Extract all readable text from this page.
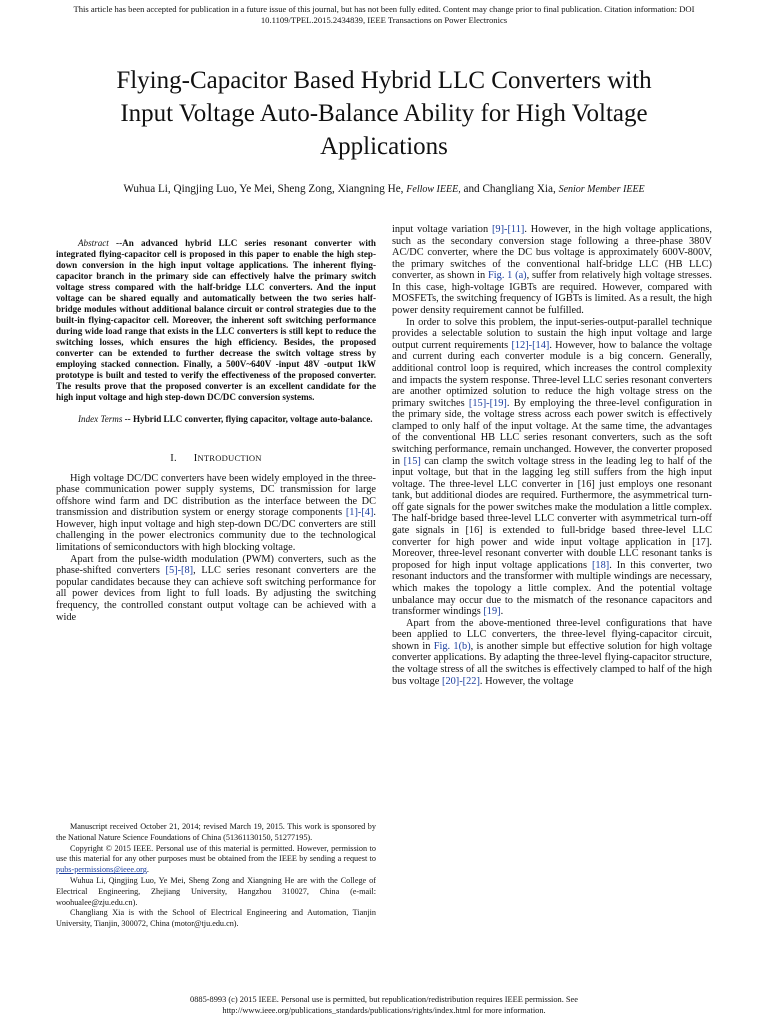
This article has been accepted for publication in a future issue of this journal, but has not been fully edited. Content may change prior to final publication. Citation information: DOI
10.1109/TPEL.2015.2434839, IEEE Transactions on Power Electronics
Flying-Capacitor Based Hybrid LLC Converters with
Input Voltage Auto-Balance Ability for High Voltage
Applications
Wuhua Li, Qingjing Luo, Ye Mei, Sheng Zong, Xiangning He, Fellow IEEE, and Changliang Xia, Senior Member IEEE

Abstract --An advanced hybrid LLC series resonant converter with integrated flying-capacitor cell is proposed in this paper to enable the high step-down conversion in the high input voltage applications. The inherent flying-capacitor branch in the primary side can effectively halve the primary switch voltage stress compared with the half-bridge LLC converters. And the input voltage can be shared equally and automatically between the two series half-bridge modules without additional balance circuit or control strategies due to the built-in flying-capacitor cell. Moreover, the inherent soft switching performance during wide load range that exists in the LLC converters is still kept to reduce the switching losses, which ensures the high efficiency. Besides, the proposed converter can be extended to further decrease the switch voltage stress by employing stacked connection. Finally, a 500V~640V -input 48V -output 1kW prototype is built and tested to verify the effectiveness of the proposed converter. The results prove that the proposed converter is an excellent candidate for the high input voltage and high step-down DC/DC conversion systems.

Index Terms -- Hybrid LLC converter, flying capacitor, voltage auto-balance.

I. INTRODUCTION

High voltage DC/DC converters have been widely employed in the three-phase communication power supply systems, DC transmission for large offshore wind farm and DC distribution as the interface between the DC transmission and distribution system or energy storage components [1]-[4]. However, high input voltage and high step-down DC/DC converters are still challenging in the power electronics community due to the technological limitations of semiconductors with high blocking voltage.

Apart from the pulse-width modulation (PWM) converters, such as the phase-shifted converters [5]-[8], LLC series resonant converters are the popular candidates because they can achieve soft switching performance for all power devices from light to full loads. By adjusting the switching frequency, the controlled constant output voltage can be achieved with a wide

Manuscript received October 21, 2014; revised March 19, 2015. This work is sponsored by the National Nature Science Foundations of China (51361130150, 51277195).

Copyright © 2015 IEEE. Personal use of this material is permitted. However, permission to use this material for any other purposes must be obtained from the IEEE by sending a request to pubs-permissions@ieee.org.

Wuhua Li, Qingjing Luo, Ye Mei, Sheng Zong and Xiangning He are with the College of Electrical Engineering, Zhejiang University, Hangzhou 310027, China (e-mail: woohualee@zju.edu.cn).

Changliang Xia is with the School of Electrical Engineering and Automation, Tianjin University, Tianjin, 300072, China (motor@tju.edu.cn).

input voltage variation [9]-[11]. However, in the high voltage applications, such as the secondary conversion stage following a three-phase 380V AC/DC converter, where the DC bus voltage is approximately 600V-800V, the primary switches of the conventional half-bridge LLC (HB LLC) converter, as shown in Fig. 1 (a), suffer from relatively high voltage stresses. In this case, high-voltage IGBTs are required. However, compared with MOSFETs, the switching frequency of IGBTs is limited. As a result, the high power density requirement cannot be fulfilled.

In order to solve this problem, the input-series-output-parallel technique provides a selectable solution to sustain the high input voltage and large output current requirements [12]-[14]. However, how to balance the voltage and current during each converter module is a big concern. Generally, additional control loop is required, which increases the control complexity and impacts the system response. Three-level LLC series resonant converters are another optimized solution to reduce the high voltage stress on the primary switches [15]-[19]. By employing the three-level configuration in the primary side, the voltage stress across each power switch is effectively clamped to only half of the input voltage. At the same time, the advantages of the conventional HB LLC series resonant converters, such as the soft switching performance, remain unchanged. However, the converter proposed in [15] can clamp the switch voltage stress in the leading leg to half of the input voltage, but that in the lagging leg still suffers from the high input voltage. The three-level LLC converter in [16] just employs one resonant tank, but additional diodes are required. Furthermore, the asymmetrical turn-off gate signals for the power switches make the modulation a little complex. The half-bridge based three-level LLC converter with asymmetrical turn-off gate signals in [16] is extended to full-bridge based three-level LLC converter for high power and wide input voltage application in [17]. Moreover, three-level resonant converter with double LLC resonant tanks is proposed for high input voltage applications [18]. In this converter, two resonant inductors and the transformer with multiple windings are necessary, which makes the topology a little complex. And the potential voltage unbalance may occur due to the mismatch of the resonance capacitors and transformer windings [19].

Apart from the above-mentioned three-level configurations that have been applied to LLC converters, the three-level flying-capacitor circuit, shown in Fig. 1(b), is another simple but effective solution for high voltage converter applications. By adapting the three-level flying-capacitor structure, the voltage stress of all the switches is effectively clamped to half of the high bus voltage [20]-[22]. However, the voltage

0885-8993 (c) 2015 IEEE. Personal use is permitted, but republication/redistribution requires IEEE permission. See
http://www.ieee.org/publications_standards/publications/rights/index.html for more information.
